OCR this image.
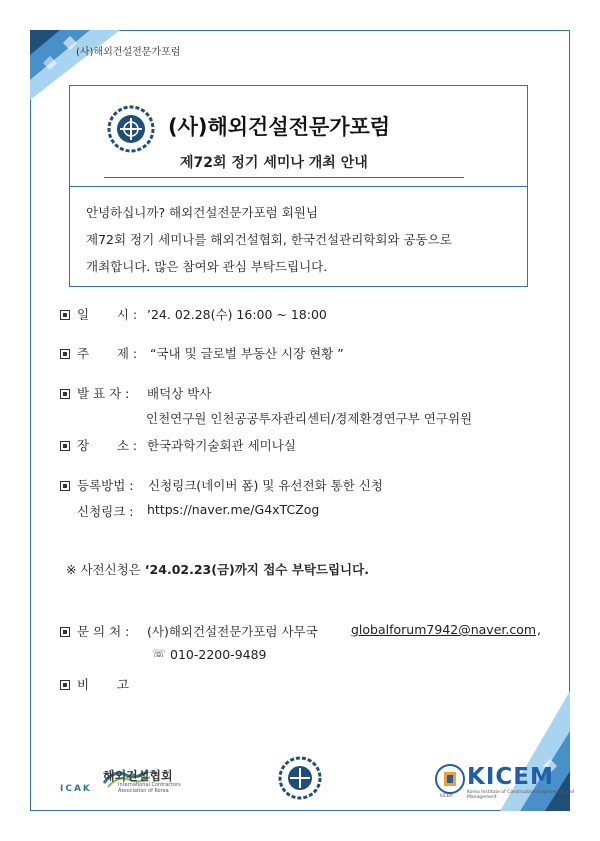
(사)해외건설전문가포럼
(사)해외건설전문가포럼
제72회 정기 세미나 개최 안내
안녕하십니까? 해외건설전문가포럼 회원님
제72회 정기 세미나를 해외건설협회, 한국건설관리학회와 공동으로
개최합니다. 많은 참여와 관심 부탁드립니다.
일       시 : ’24. 02.28(수) 16:00 ~ 18:00
주       제 : “국내 및 글로벌 부동산 시장 현황 ”
발 표 자 : 배덕상 박사
인천연구원 인천공공투자관리센터/경제환경연구부 연구위원
장       소 : 한국과학기술회관 세미나실
등록방법 : 신청링크(네이버 폼) 및 유선전화 통한 신청
신청링크 : https://naver.me/G4xTCZog
※ 사전신청은 ‘24.02.23(금)까지 접수 부탁드립니다.
문 의 처 : (사)해외건설전문가포럼 사무국	globalforum7942@naver.com ,
☏ 010-2200-9489
비       고
해외건설협회
International Contractors Association of Korea
ICAK	KICEM
Korea Institute of Construction Engineering and Management
KICEM
